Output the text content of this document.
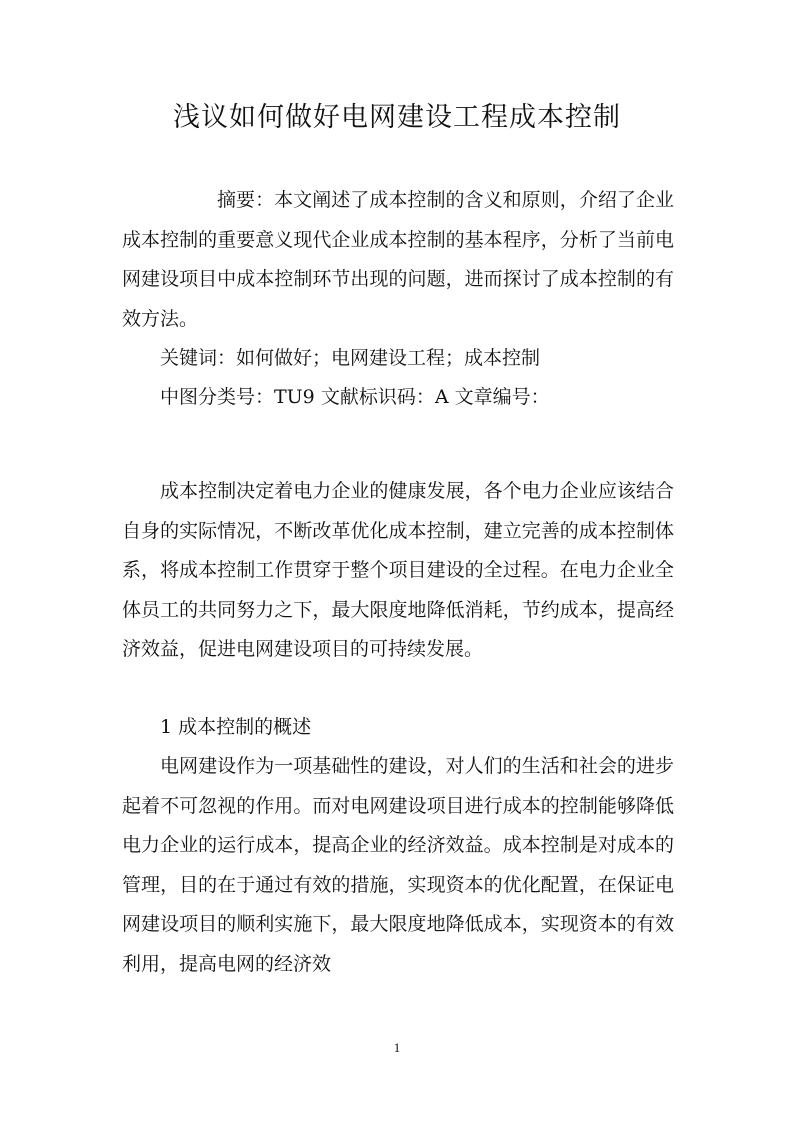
浅议如何做好电网建设工程成本控制

摘要：本文阐述了成本控制的含义和原则，介绍了企业成本控制的重要意义现代企业成本控制的基本程序，分析了当前电网建设项目中成本控制环节出现的问题，进而探讨了成本控制的有效方法。

关键词：如何做好；电网建设工程；成本控制

中图分类号：TU9 文献标识码：A 文章编号：

成本控制决定着电力企业的健康发展，各个电力企业应该结合自身的实际情况，不断改革优化成本控制，建立完善的成本控制体系，将成本控制工作贯穿于整个项目建设的全过程。在电力企业全体员工的共同努力之下，最大限度地降低消耗，节约成本，提高经济效益，促进电网建设项目的可持续发展。

1 成本控制的概述

电网建设作为一项基础性的建设，对人们的生活和社会的进步起着不可忽视的作用。而对电网建设项目进行成本的控制能够降低电力企业的运行成本，提高企业的经济效益。成本控制是对成本的管理，目的在于通过有效的措施，实现资本的优化配置，在保证电网建设项目的顺利实施下，最大限度地降低成本，实现资本的有效利用，提高电网的经济效

1
